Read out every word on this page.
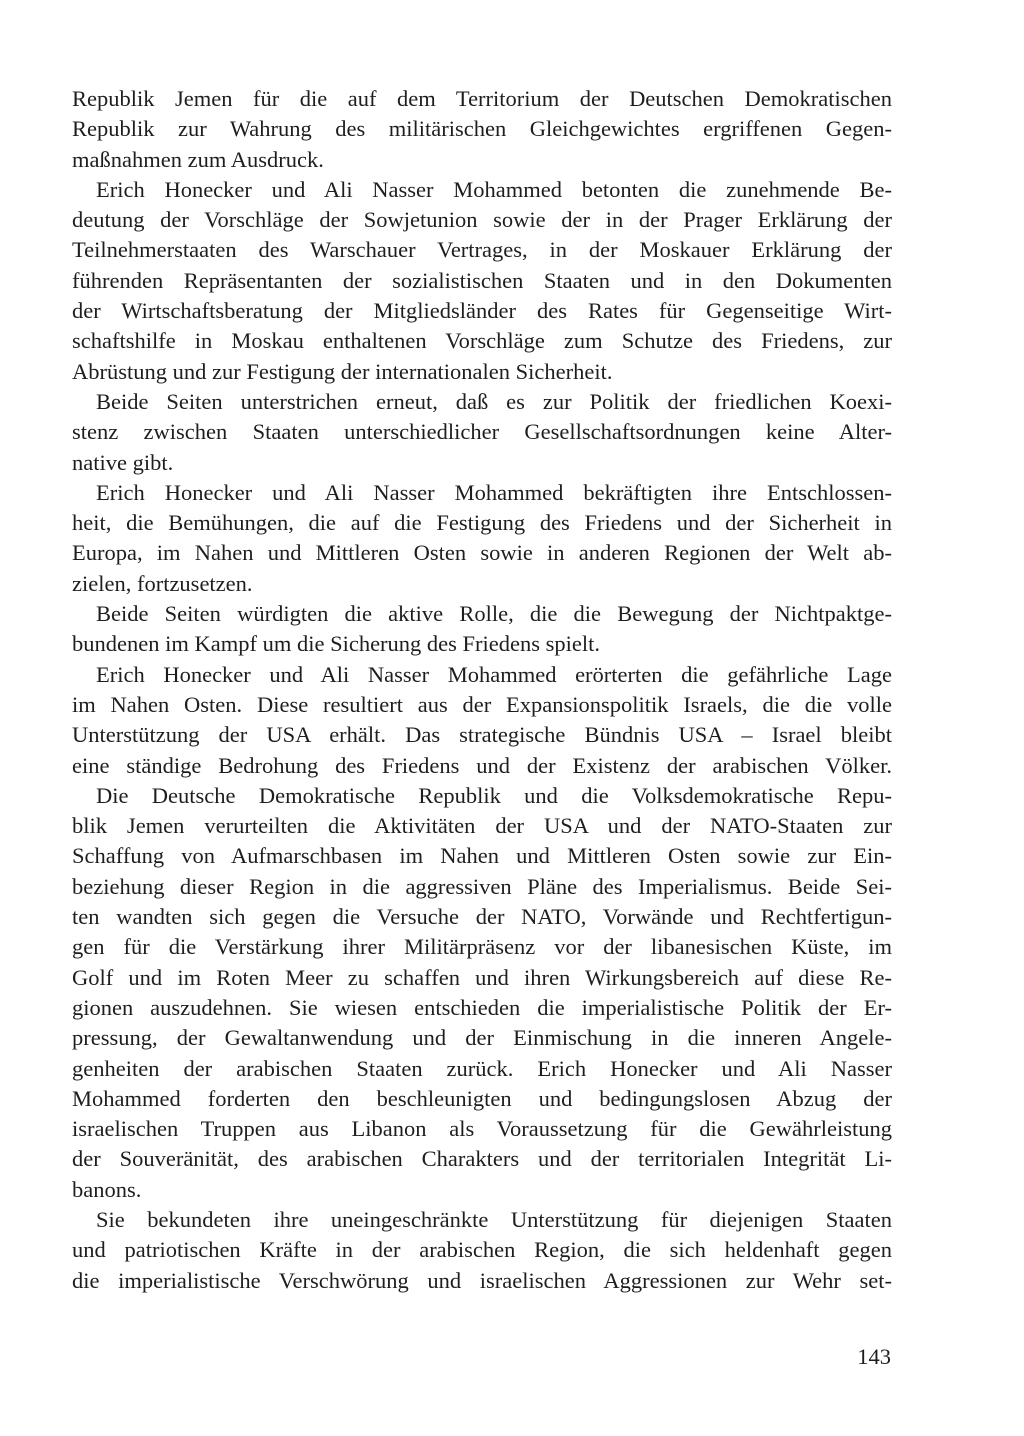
Republik Jemen für die auf dem Territorium der Deutschen Demokratischen
Republik zur Wahrung des militärischen Gleichgewichtes ergriffenen Gegen-
maßnahmen zum Ausdruck.
Erich Honecker und Ali Nasser Mohammed betonten die zunehmende Be-
deutung der Vorschläge der Sowjetunion sowie der in der Prager Erklärung der
Teilnehmerstaaten des Warschauer Vertrages, in der Moskauer Erklärung der
führenden Repräsentanten der sozialistischen Staaten und in den Dokumenten
der Wirtschaftsberatung der Mitgliedsländer des Rates für Gegenseitige Wirt-
schaftshilfe in Moskau enthaltenen Vorschläge zum Schutze des Friedens, zur
Abrüstung und zur Festigung der internationalen Sicherheit.
Beide Seiten unterstrichen erneut, daß es zur Politik der friedlichen Koexi-
stenz zwischen Staaten unterschiedlicher Gesellschaftsordnungen keine Alter-
native gibt.
Erich Honecker und Ali Nasser Mohammed bekräftigten ihre Entschlossen-
heit, die Bemühungen, die auf die Festigung des Friedens und der Sicherheit in
Europa, im Nahen und Mittleren Osten sowie in anderen Regionen der Welt ab-
zielen, fortzusetzen.
Beide Seiten würdigten die aktive Rolle, die die Bewegung der Nichtpaktge-
bundenen im Kampf um die Sicherung des Friedens spielt.
Erich Honecker und Ali Nasser Mohammed erörterten die gefährliche Lage
im Nahen Osten. Diese resultiert aus der Expansionspolitik Israels, die die volle
Unterstützung der USA erhält. Das strategische Bündnis USA – Israel bleibt
eine ständige Bedrohung des Friedens und der Existenz der arabischen Völker.
Die Deutsche Demokratische Republik und die Volksdemokratische Repu-
blik Jemen verurteilten die Aktivitäten der USA und der NATO-Staaten zur
Schaffung von Aufmarschbasen im Nahen und Mittleren Osten sowie zur Ein-
beziehung dieser Region in die aggressiven Pläne des Imperialismus. Beide Sei-
ten wandten sich gegen die Versuche der NATO, Vorwände und Rechtfertigun-
gen für die Verstärkung ihrer Militärpräsenz vor der libanesischen Küste, im
Golf und im Roten Meer zu schaffen und ihren Wirkungsbereich auf diese Re-
gionen auszudehnen. Sie wiesen entschieden die imperialistische Politik der Er-
pressung, der Gewaltanwendung und der Einmischung in die inneren Angele-
genheiten der arabischen Staaten zurück. Erich Honecker und Ali Nasser
Mohammed forderten den beschleunigten und bedingungslosen Abzug der
israelischen Truppen aus Libanon als Voraussetzung für die Gewährleistung
der Souveränität, des arabischen Charakters und der territorialen Integrität Li-
banons.
Sie bekundeten ihre uneingeschränkte Unterstützung für diejenigen Staaten
und patriotischen Kräfte in der arabischen Region, die sich heldenhaft gegen
die imperialistische Verschwörung und israelischen Aggressionen zur Wehr set-
143
